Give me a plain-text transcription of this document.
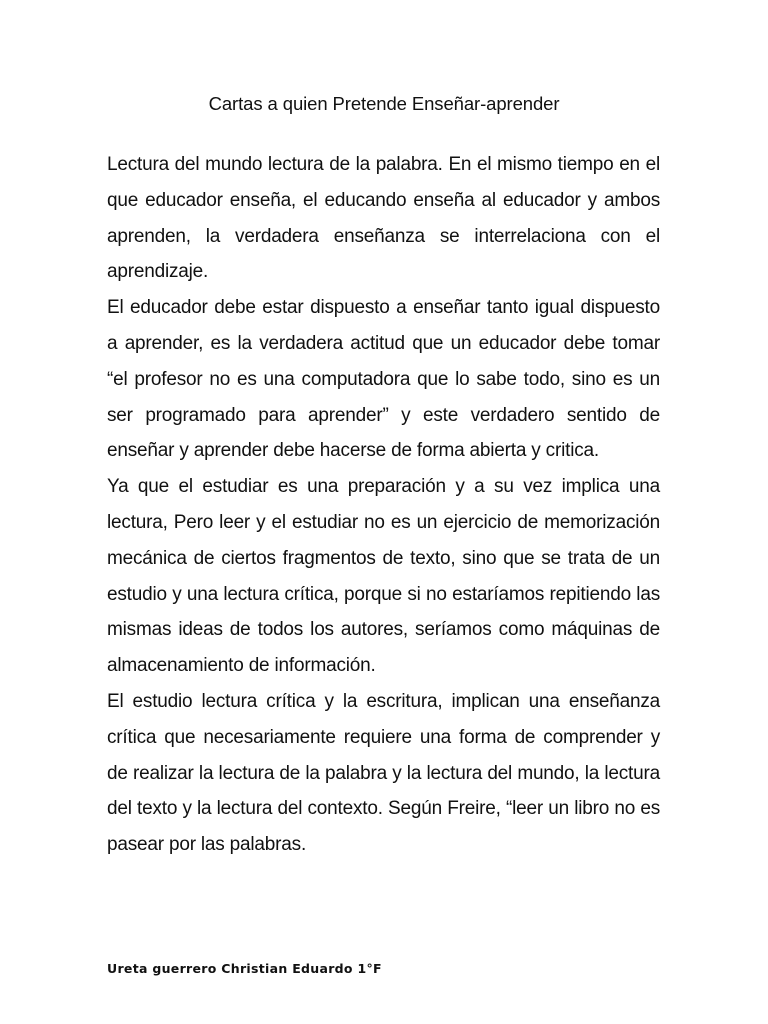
Cartas a quien Pretende Enseñar-aprender

Lectura del mundo lectura de la palabra. En el mismo tiempo en el que educador enseña, el educando enseña al educador y ambos aprenden, la verdadera enseñanza se interrelaciona con el aprendizaje.

El educador debe estar dispuesto a enseñar tanto igual dispuesto a aprender, es la verdadera actitud que un educador debe tomar “el profesor no es una computadora que lo sabe todo, sino es un ser programado para aprender” y este verdadero sentido de enseñar y aprender debe hacerse de forma abierta y critica.

Ya que el estudiar es una preparación y a su vez implica una lectura, Pero leer y el estudiar no es un ejercicio de memorización mecánica de ciertos fragmentos de texto, sino que se trata de un estudio y una lectura crítica, porque si no estaríamos repitiendo las mismas ideas de todos los autores, seríamos como máquinas de almacenamiento de información.

El estudio lectura crítica y la escritura, implican una enseñanza crítica que necesariamente requiere una forma de comprender y de realizar la lectura de la palabra y la lectura del mundo, la lectura del texto y la lectura del contexto. Según Freire, “leer un libro no es pasear por las palabras.

Ureta guerrero Christian Eduardo 1°F
